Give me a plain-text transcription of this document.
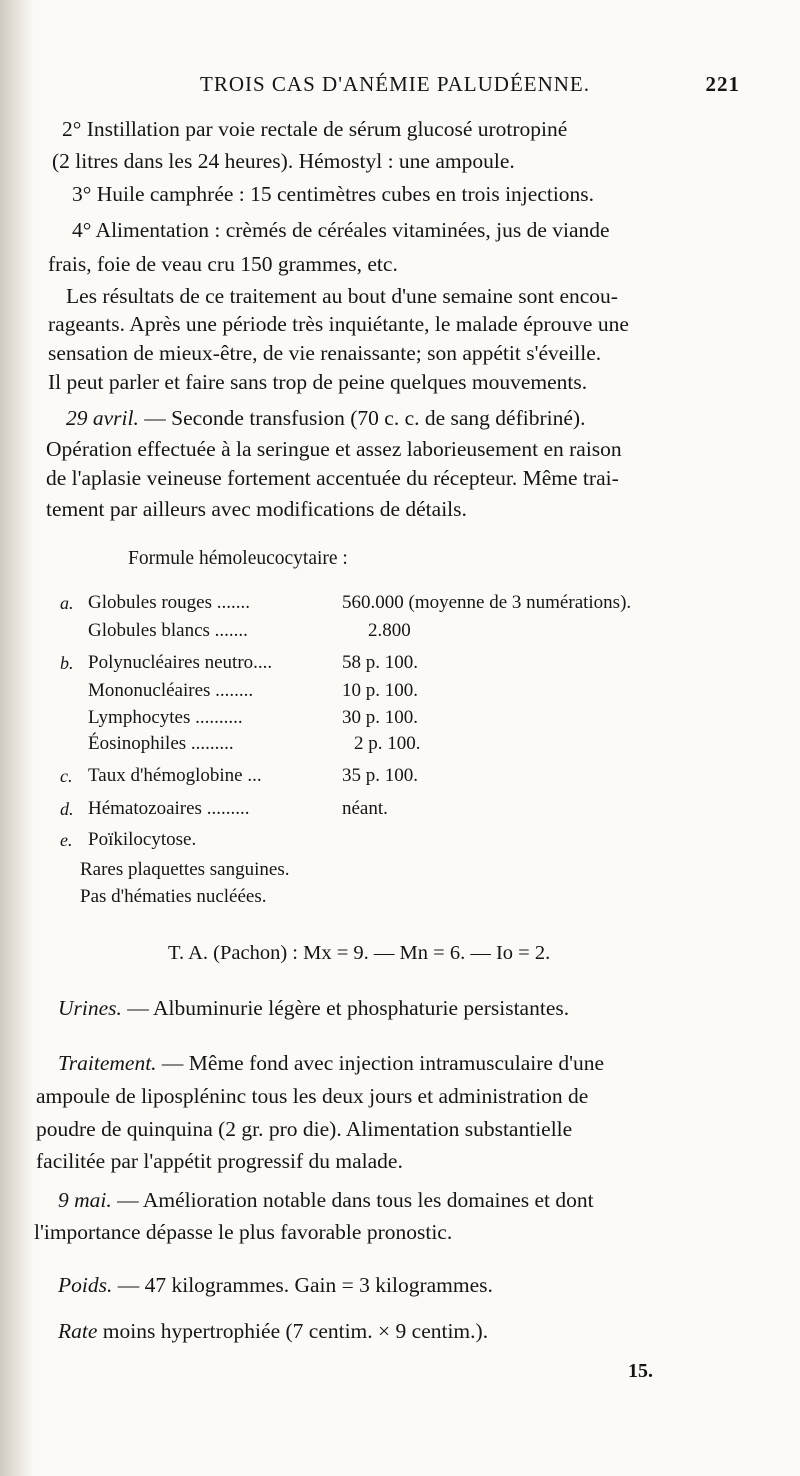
TROIS CAS D'ANÉMIE PALUDÉENNE.	221
2° Instillation par voie rectale de sérum glucosé urotropiné
(2 litres dans les 24 heures). Hémostyl : une ampoule.
3° Huile camphrée : 15 centimètres cubes en trois injections.
4° Alimentation : crèmés de céréales vitaminées, jus de viande
frais, foie de veau cru 150 grammes, etc.
Les résultats de ce traitement au bout d'une semaine sont encou-
rageants. Après une période très inquiétante, le malade éprouve une
sensation de mieux-être, de vie renaissante; son appétit s'éveille.
Il peut parler et faire sans trop de peine quelques mouvements.
29 avril. — Seconde transfusion (70 c. c. de sang défibriné).
Opération effectuée à la seringue et assez laborieusement en raison
de l'aplasie veineuse fortement accentuée du récepteur. Même trai-
tement par ailleurs avec modifications de détails.
Formule hémoleucocytaire :
a. Globules rouges .......	560.000 (moyenne de 3 numérations).
Globules blancs .......	2.800
b. Polynucléaires neutro....	58 p. 100.
Mononucléaires ........	10 p. 100.
Lymphocytes ..........	30 p. 100.
Éosinophiles .........	2 p. 100.
c. Taux d'hémoglobine ...	35 p. 100.
d. Hématozoaires .........	néant.
e. Poïkilocytose.
Rares plaquettes sanguines.
Pas d'hématies nucléées.
T. A. (Pachon) : Mx = 9. — Mn = 6. — Io = 2.
Urines. — Albuminurie légère et phosphaturie persistantes.
Traitement. — Même fond avec injection intramusculaire d'une
ampoule de lipospléninc tous les deux jours et administration de
poudre de quinquina (2 gr. pro die). Alimentation substantielle
facilitée par l'appétit progressif du malade.
9 mai. — Amélioration notable dans tous les domaines et dont
l'importance dépasse le plus favorable pronostic.
Poids. — 47 kilogrammes. Gain = 3 kilogrammes.
Rate moins hypertrophiée (7 centim. × 9 centim.).
15.
